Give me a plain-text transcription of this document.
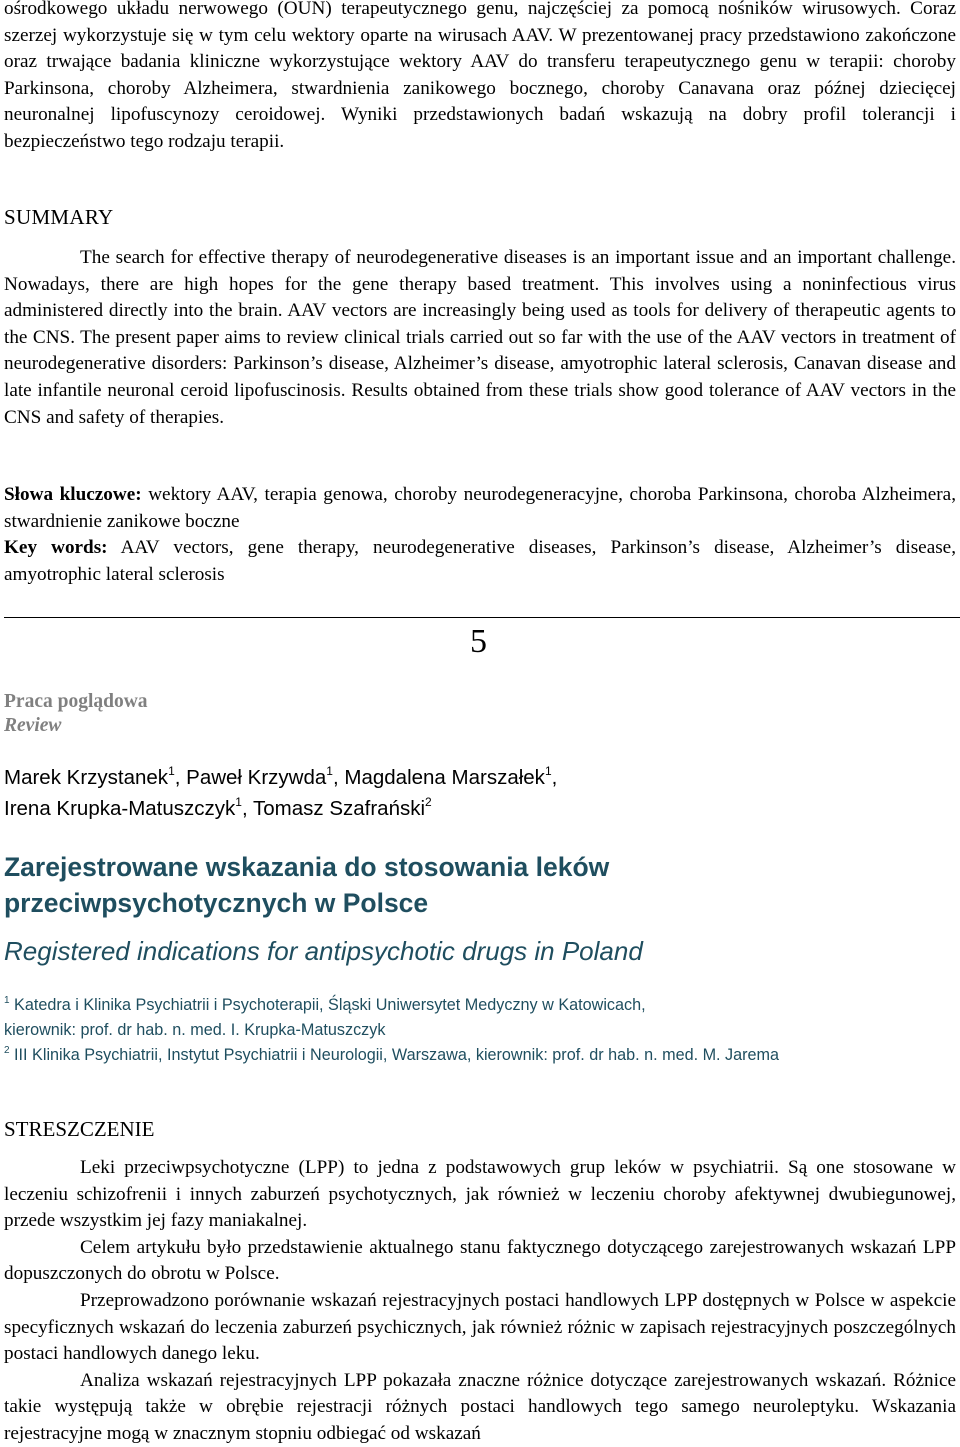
ośrodkowego układu nerwowego (OUN) terapeutycznego genu, najczęściej za pomocą nośników wirusowych. Coraz szerzej wykorzystuje się w tym celu wektory oparte na wirusach AAV. W prezentowanej pracy przedstawiono zakończone oraz trwające badania kliniczne wykorzystujące wektory AAV do transferu terapeutycznego genu w terapii: choroby Parkinsona, choroby Alzheimera, stwardnienia zanikowego bocznego, choroby Canavana oraz późnej dziecięcej neuronalnej lipofuscynozy ceroidowej. Wyniki przedstawionych badań wskazują na dobry profil tolerancji i bezpieczeństwo tego rodzaju terapii.

SUMMARY

The search for effective therapy of neurodegenerative diseases is an important issue and an important challenge. Nowadays, there are high hopes for the gene therapy based treatment. This involves using a noninfectious virus administered directly into the brain. AAV vectors are increasingly being used as tools for delivery of therapeutic agents to the CNS. The present paper aims to review clinical trials carried out so far with the use of the AAV vectors in treatment of neurodegenerative disorders: Parkinson’s disease, Alzheimer’s disease, amyotrophic lateral sclerosis, Canavan disease and late infantile neuronal ceroid lipofuscinosis. Results obtained from these trials show good tolerance of AAV vectors in the CNS and safety of therapies.

Słowa kluczowe: wektory AAV, terapia genowa, choroby neurodegeneracyjne, choroba Parkinsona, choroba Alzheimera, stwardnienie zanikowe boczne

Key words: AAV vectors, gene therapy, neurodegenerative diseases, Parkinson’s disease, Alzheimer’s disease, amyotrophic lateral sclerosis

5
Praca poglądowa
Review
Marek Krzystanek$^1$, Paweł Krzywda$^1$, Magdalena Marszałek$^1$,
Irena Krupka-Matuszczyk$^1$, Tomasz Szafrański$^2$
Zarejestrowane wskazania do stosowania leków przeciwpsychotycznych w Polsce
Registered indications for antipsychotic drugs in Poland
$^1$ Katedra i Klinika Psychiatrii i Psychoterapii, Śląski Uniwersytet Medyczny w Katowicach,
kierownik: prof. dr hab. n. med. I. Krupka-Matuszczyk
$^2$ III Klinika Psychiatrii, Instytut Psychiatrii i Neurologii, Warszawa, kierownik: prof. dr hab. n. med. M. Jarema
STRESZCZENIE

Leki przeciwpsychotyczne (LPP) to jedna z podstawowych grup leków w psychiatrii. Są one stosowane w leczeniu schizofrenii i innych zaburzeń psychotycznych, jak również w leczeniu choroby afektywnej dwubiegunowej, przede wszystkim jej fazy maniakalnej.

Celem artykułu było przedstawienie aktualnego stanu faktycznego dotyczącego zarejestrowanych wskazań LPP dopuszczonych do obrotu w Polsce.

Przeprowadzono porównanie wskazań rejestracyjnych postaci handlowych LPP dostępnych w Polsce w aspekcie specyficznych wskazań do leczenia zaburzeń psychicznych, jak również różnic w zapisach rejestracyjnych poszczególnych postaci handlowych danego leku.

Analiza wskazań rejestracyjnych LPP pokazała znaczne różnice dotyczące zarejestrowanych wskazań. Różnice takie występują także w obrębie rejestracji różnych postaci handlowych tego samego neuroleptyku. Wskazania rejestracyjne mogą w znacznym stopniu odbiegać od wskazań
